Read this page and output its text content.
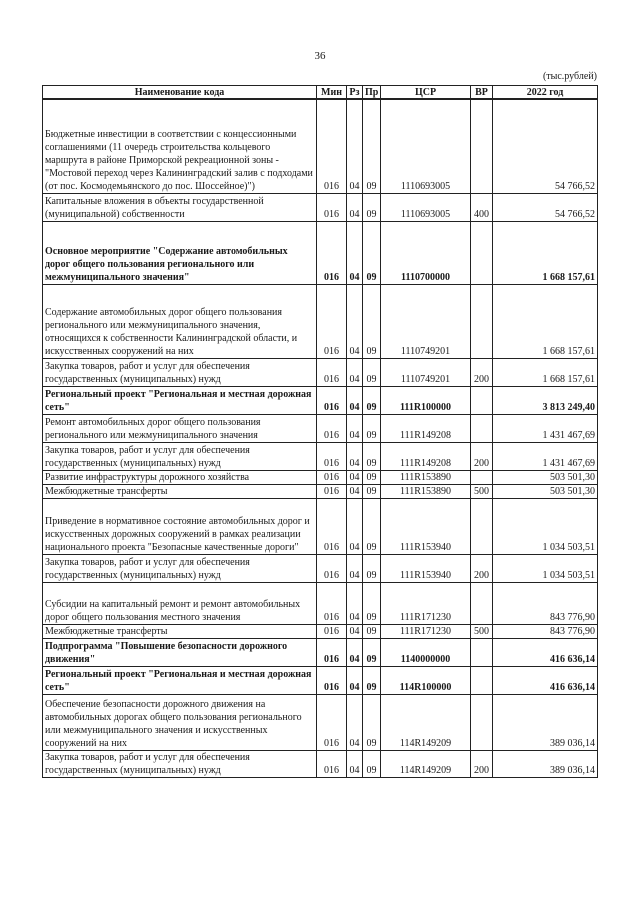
36
(тыс.рублей)
Наименование кода	Мин	Рз	Пр	ЦСР	ВР	2022 год
Бюджетные инвестиции в соответствии с концессионными соглашениями (11 очередь строительства кольцевого маршрута в районе Приморской рекреационной зоны - "Мостовой переход через Калининградский залив с подходами (от пос. Космодемьянского до пос. Шоссейное)")	016	04	09	1110693005		54 766,52
Капитальные вложения в объекты государственной (муниципальной) собственности	016	04	09	1110693005	400	54 766,52
Основное мероприятие "Содержание автомобильных дорог общего пользования регионального или межмуниципального значения"	016	04	09	1110700000		1 668 157,61
Содержание автомобильных дорог общего пользования регионального или межмуниципального значения, относящихся к собственности Калининградской области, и искусственных сооружений на них	016	04	09	1110749201		1 668 157,61
Закупка товаров, работ и услуг для обеспечения государственных (муниципальных) нужд	016	04	09	1110749201	200	1 668 157,61
Региональный проект "Региональная и местная дорожная сеть"	016	04	09	111R100000		3 813 249,40
Ремонт автомобильных дорог общего пользования регионального или межмуниципального значения	016	04	09	111R149208		1 431 467,69
Закупка товаров, работ и услуг для обеспечения государственных (муниципальных) нужд	016	04	09	111R149208	200	1 431 467,69
Развитие инфраструктуры дорожного хозяйства	016	04	09	111R153890		503 501,30
Межбюджетные трансферты	016	04	09	111R153890	500	503 501,30
Приведение в нормативное состояние автомобильных дорог и искусственных дорожных сооружений в рамках реализации национального проекта "Безопасные качественные дороги"	016	04	09	111R153940		1 034 503,51
Закупка товаров, работ и услуг для обеспечения государственных (муниципальных) нужд	016	04	09	111R153940	200	1 034 503,51
Субсидии на капитальный ремонт и ремонт автомобильных дорог общего пользования местного значения	016	04	09	111R171230		843 776,90
Межбюджетные трансферты	016	04	09	111R171230	500	843 776,90
Подпрограмма "Повышение безопасности дорожного движения"	016	04	09	1140000000		416 636,14
Региональный проект "Региональная и местная дорожная сеть"	016	04	09	114R100000		416 636,14
Обеспечение безопасности дорожного движения на автомобильных дорогах общего пользования регионального или межмуниципального значения и искусственных сооружений на них	016	04	09	114R149209		389 036,14
Закупка товаров, работ и услуг для обеспечения государственных (муниципальных) нужд	016	04	09	114R149209	200	389 036,14
